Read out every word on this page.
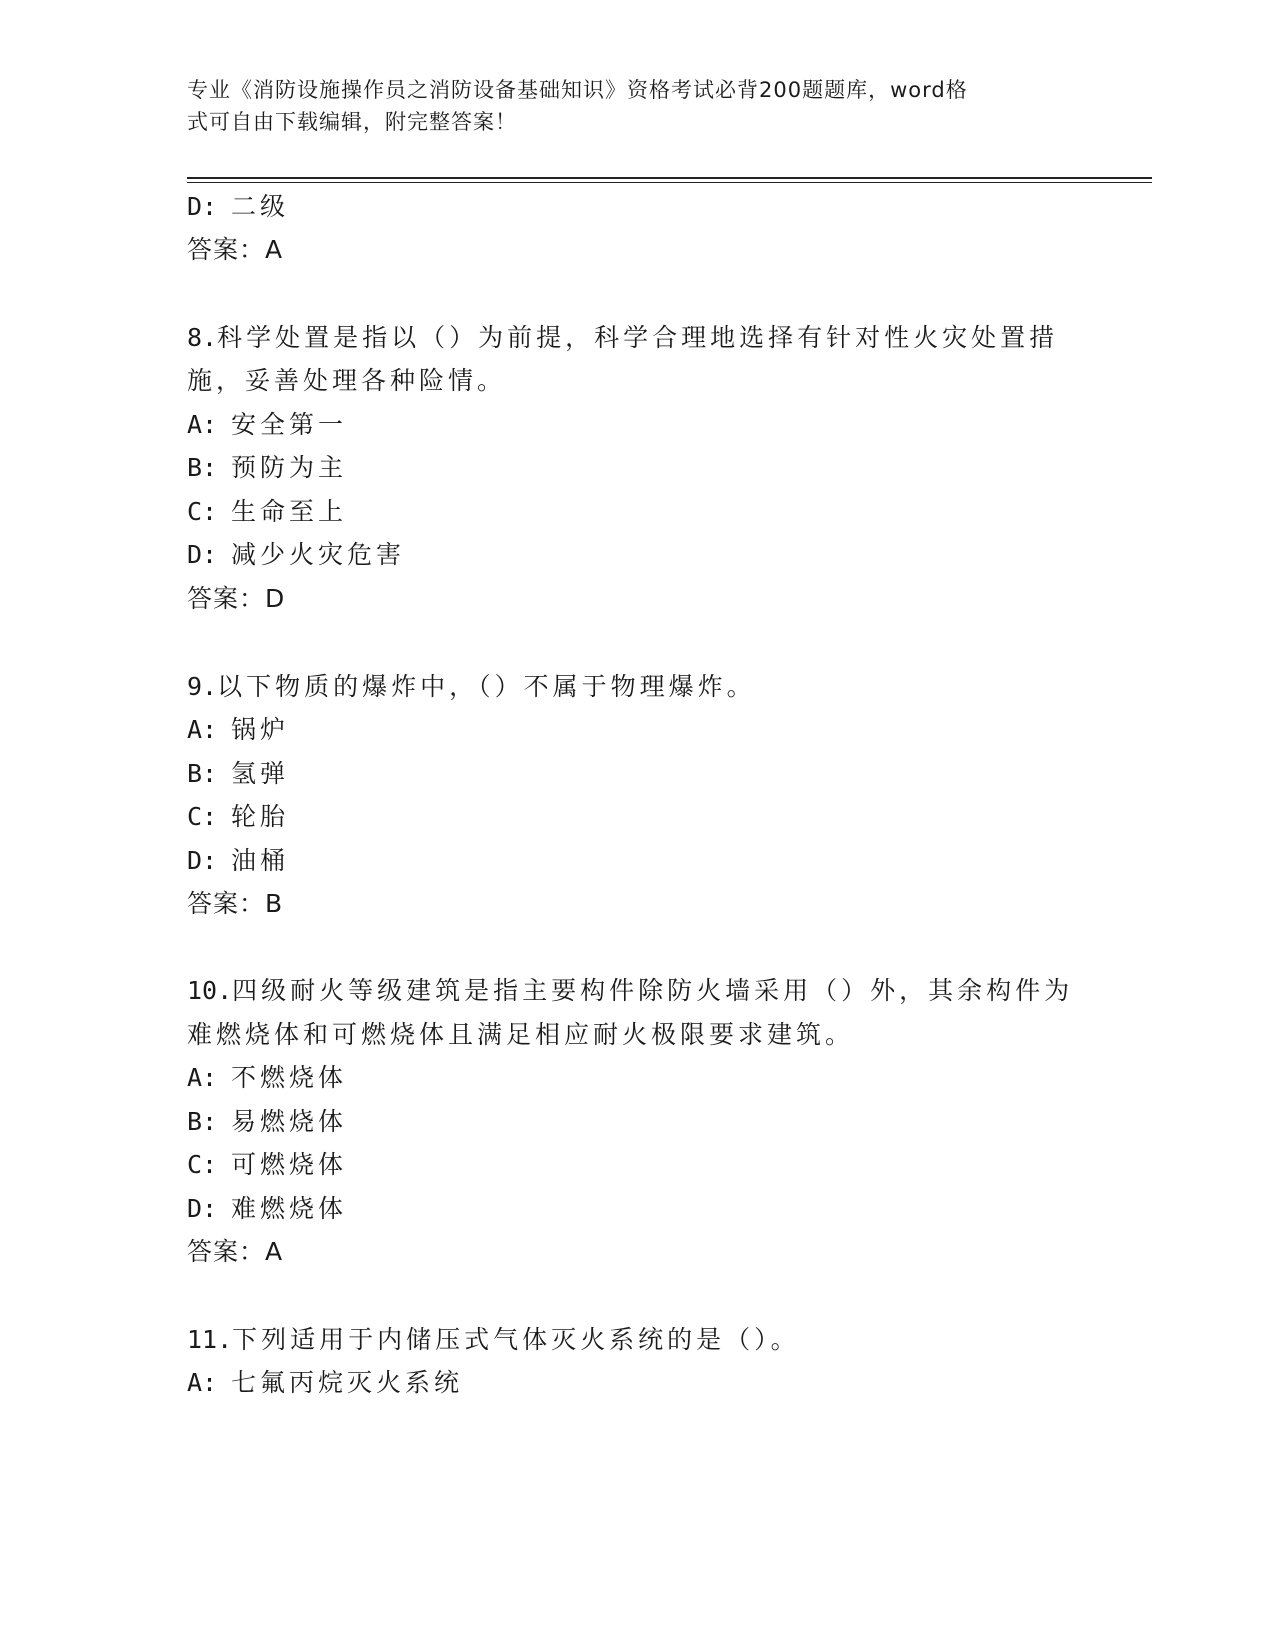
专业《消防设施操作员之消防设备基础知识》资格考试必背200题题库，word格
式可自由下载编辑，附完整答案！
D: 二级
答案：A
8.科学处置是指以（）为前提，科学合理地选择有针对性火灾处置措
施，妥善处理各种险情。
A: 安全第一
B: 预防为主
C: 生命至上
D: 减少火灾危害
答案：D
9.以下物质的爆炸中，（）不属于物理爆炸。
A: 锅炉
B: 氢弹
C: 轮胎
D: 油桶
答案：B
10.四级耐火等级建筑是指主要构件除防火墙采用（）外，其余构件为
难燃烧体和可燃烧体且满足相应耐火极限要求建筑。
A: 不燃烧体
B: 易燃烧体
C: 可燃烧体
D: 难燃烧体
答案：A
11.下列适用于内储压式气体灭火系统的是（）。
A: 七氟丙烷灭火系统
